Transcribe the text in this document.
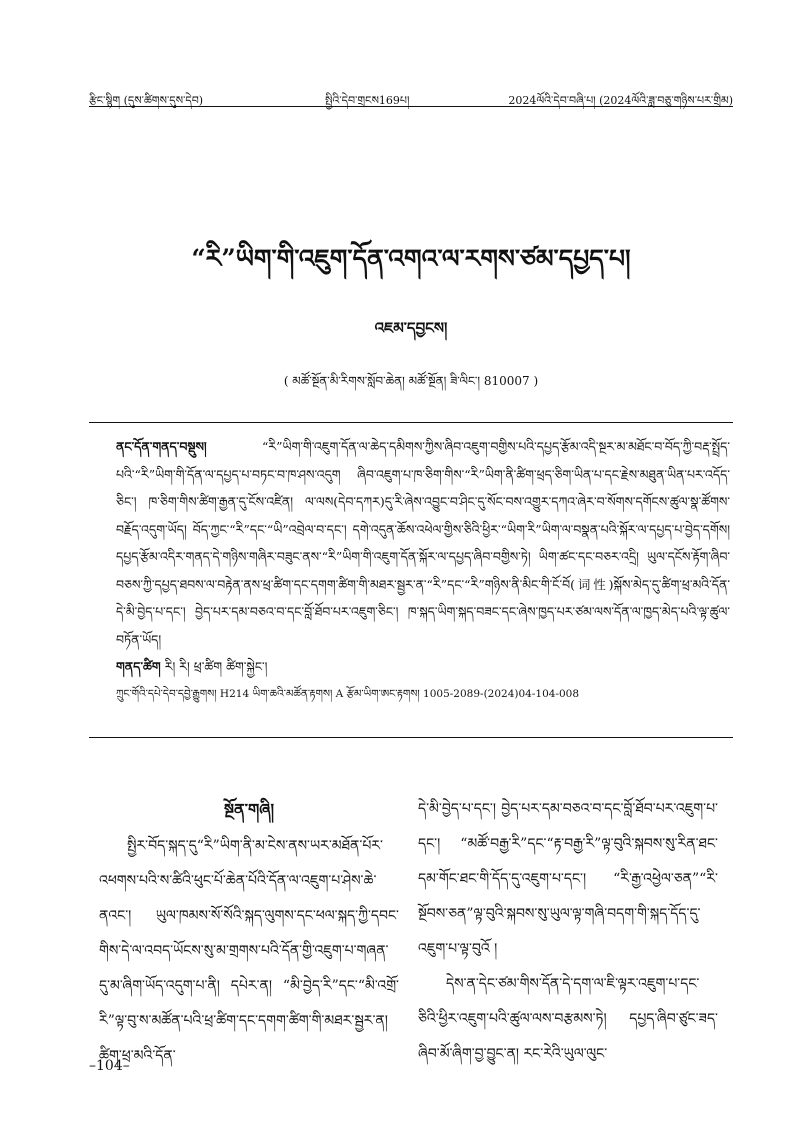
རྩིང་སྙིག (དུས་ཚིགས་དུས་དེབ)	སྤྱིའི་དེབ་གྲངས169པ།	2024ལོའི་དེབ་བཞི་པ། (2024ལོའི་ཟླ་བཅུ་གཉིས་པར་གྲིམ)
“རི”ཡིག་གི་འཇུག་དོན་འགའ་ལ་རགས་ཙམ་དཔྱད་པ།
འཇམ་དབྱངས།
( མཚོ་སྔོན་མི་རིགས་སློབ་ཆེན། མཚོ་སྔོན། ཟི་ལིང་། 810007 )

ནང་དོན་གནད་བསྡུས།	“རི”ཡིག་གི་འཇུག་དོན་ལ་ཆེད་དམིགས་ཀྱིས་ཞིབ་འཇུག་བགྱིས་པའི་དཔྱད་རྩོམ་འདི་སྔར་མ་མཐོང་བ་བོད་ཀྱི་བརྡ་སྤྲོད་པའི་“རི”ཡིག་གི་དོན་ལ་དཔྱད་པ་བཏང་བ་ཁ་ཤས་འདུག ཞིབ་འཇུག་པ་ཁ་ཅིག་གིས་“རི”ཡིག་ནི་ཚིག་ཕྲད་ཅིག་ཡིན་པ་དང་རྗེས་མཐུན་ཡིན་པར་འདོད་ཅིང་། ཁ་ཅིག་གིས་ཚིག་རྒྱན་དུ་ངོས་འཛིན། ལ་ལས(དེབ་དཀར)དུ་རི་ཞེས་འབྱུང་བ་ཤིང་དུ་སོང་བས་འགྱུར་དཀའ་ཞེར་བ་སོགས་དགོངས་ཚུལ་སྣ་ཚོགས་བརྗོད་འདུག་ཡོད། བོད་ཀྱང་“རི”དང་“ཡི”འབྲེལ་བ་དང་། དགེ་འདུན་ཆོས་འཕེལ་གྱིས་ཅིའི་ཕྱིར་“ཡིག་རི”ཡིག་ལ་བསྣན་པའི་སྐོར་ལ་དཔྱད་པ་བྱེད་དགོས། དཔྱད་རྩོམ་འདིར་གནད་དེ་གཉིས་གཞིར་བཟུང་ནས་“རི”ཡིག་གི་འཇུག་དོན་སྐོར་ལ་དཔྱད་ཞིབ་བགྱིས་ཏེ། ཡིག་ཚང་དང་བཅར་འདྲི། ཡུལ་དངོས་རྟོག་ཞིབ་བཅས་ཀྱི་དཔྱད་ཐབས་ལ་བརྟེན་ནས་ཕྲ་ཚིག་དང་དགག་ཚིག་གི་མཐར་སྦྱར་ན་“རི”དང་“རི”གཉིས་ནི་མིང་གི་ངོ་བོ(词性)སྐོས་མེད་དུ་ཚིག་ཕྲ་མའི་དོན་དེ་མི་བྱེད་པ་དང་། བྱེད་པར་དམ་བཅའ་བ་དང་བློ་ཐོབ་པར་འཇུག་ཅིང་། ཁ་སྐད་ཡིག་སྐད་བཟང་དང་ཞེས་ཁྱད་པར་ཙམ་ལས་དོན་ལ་ཁྱད་མེད་པའི་ལྟ་ཚུལ་བཏོན་ཡོད།

གནད་ཚིག རི། རི། ཕྲ་ཚིག ཚིག་སྐྱེང་།

ཀྲུང་གོའི་དཔེ་དེབ་དབྱེ་རྒྱུགས། H214 ཡིག་ཆའི་མཚོན་རྟགས། A རྩོམ་ཡིག་ཨང་རྟགས། 1005-2089-(2024)04-104-008

སྔོན་གཞི།

སྤྱིར་བོད་སྐད་དུ“རི”ཡིག་ནི་མ་ངེས་ནས་ཡར་མཐོན་པོར་འཕགས་པའི་ས་ཚིའི་ཕུང་པོ་ཆེན་པོའི་དོན་ལ་འཇུག་པ་ཤེས་ཆེ་ནའང་། ཡུལ་ཁམས་སོ་སོའི་སྐད་ལུགས་དང་ཕལ་སྐད་ཀྱི་དབང་གིས་དེ་ལ་འབད་ཡོངས་སུ་མ་གྲགས་པའི་དོན་གྱི་འཇུག་པ་གཞན་དུ་མ་ཞིག་ཡོད་འདུག་པ་ནི། དཔེར་ན། “མི་བྱེད་རི”དང་“མི་འགྲོ་རི”ལྟ་བུ་ས་མཚོན་པའི་ཕྲ་ཚིག་དང་དགག་ཚིག་གི་མཐར་སྦྱར་ན། ཚིག་ཕྲ་མའི་དོན་

དེ་མི་བྱེད་པ་དང་། བྱེད་པར་དམ་བཅའ་བ་དང་བློ་ཐོབ་པར་འཇུག་པ་དང་། “མཚོ་བརྒྱ་རི”དང་“རྟ་བརྒྱ་རི”ལྟ་བུའི་སྐབས་སུ་རིན་ཐང་དམ་གོང་ཐང་གི་དོད་དུ་འཇུག་པ་དང་། “རི་རྒྱ་འཕྱེལ་ཅན”“རི་སྔོབས་ཅན”ལྟ་བུའི་སྐབས་སུ་ཡུལ་ལྟ་གཞི་བདག་གི་སྐད་དོད་དུ་འཇུག་པ་ལྟ་བུའོ །

དེས་ན་དེང་ཙམ་གིས་དོན་དེ་དག་ལ་ཇི་ལྟར་འཇུག་པ་དང་ཅིའི་ཕྱིར་འཇུག་པའི་ཚུལ་ལས་བརྩམས་ཏེ། དཔྱད་ཞིབ་ཙུང་ཟད་ཞིབ་མོ་ཞིག་བྱ་བྱུང་ན། རང་རེའི་ཡུལ་ལུང་

–104–
